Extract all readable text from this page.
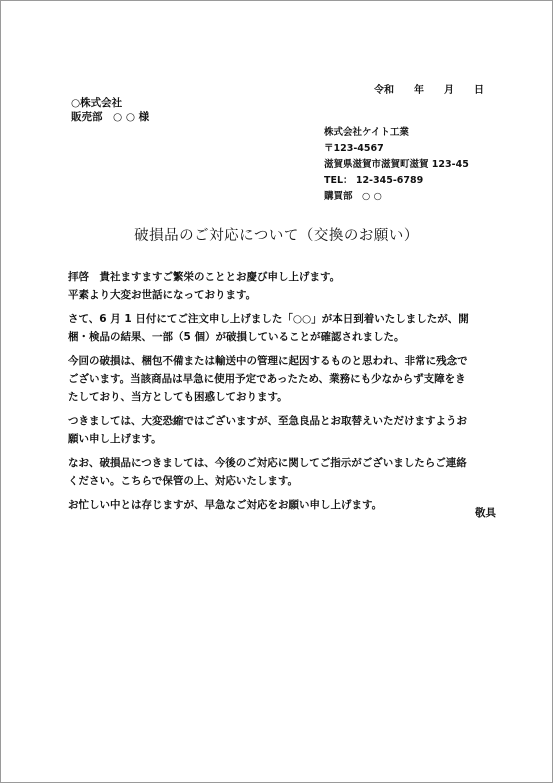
令和　　年　　月　　日
○株式会社
販売部　○ ○ 様
株式会社ケイト工業
〒123-4567
滋賀県滋賀市滋賀町滋賀 123-45
TEL： 12-345-6789
購買部　○ ○
破損品のご対応について（交換のお願い）
拝啓　貴社ますますご繁栄のこととお慶び申し上げます。
平素より大変お世話になっております。
さて、6 月 1 日付にてご注文申し上げました「○○」が本日到着いたしましたが、開
梱・検品の結果、一部（5 個）が破損していることが確認されました。
今回の破損は、梱包不備または輸送中の管理に起因するものと思われ、非常に残念で
ございます。当該商品は早急に使用予定であったため、業務にも少なからず支障をき
たしており、当方としても困惑しております。
つきましては、大変恐縮ではございますが、至急良品とお取替えいただけますようお
願い申し上げます。
なお、破損品につきましては、今後のご対応に関してご指示がございましたらご連絡
ください。こちらで保管の上、対応いたします。
お忙しい中とは存じますが、早急なご対応をお願い申し上げます。
敬具
